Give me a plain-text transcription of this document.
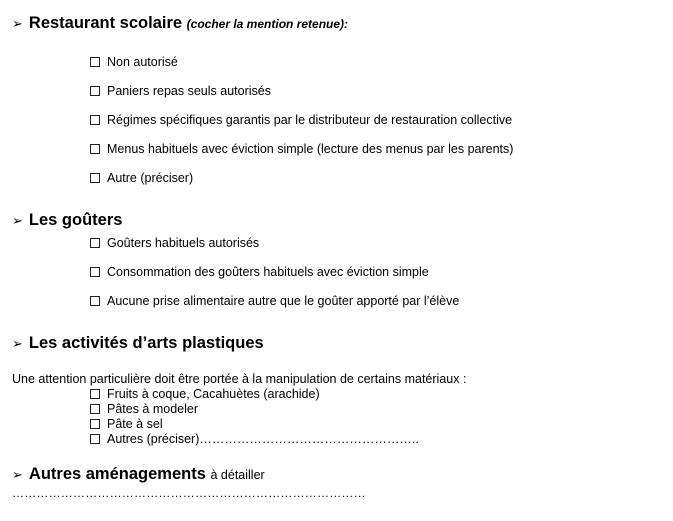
➢ Restaurant scolaire (cocher la mention retenue):
Non autorisé
Paniers repas seuls autorisés
Régimes spécifiques garantis par le distributeur de restauration collective
Menus habituels avec éviction simple (lecture des menus par les parents)
Autre (préciser)
➢ Les goûters
Goûters habituels autorisés
Consommation des goûters habituels avec éviction simple
Aucune prise alimentaire autre que le goûter apporté par l’élève
➢ Les activités d’arts plastiques
Une attention particulière doit être portée à la manipulation de certains matériaux :
Fruits à coque, Cacahuètes (arachide)
Pâtes à modeler
Pâte à sel
Autres (préciser)……………………………………………..
➢ Autres aménagements à détailler
……………………………………………………………………………
